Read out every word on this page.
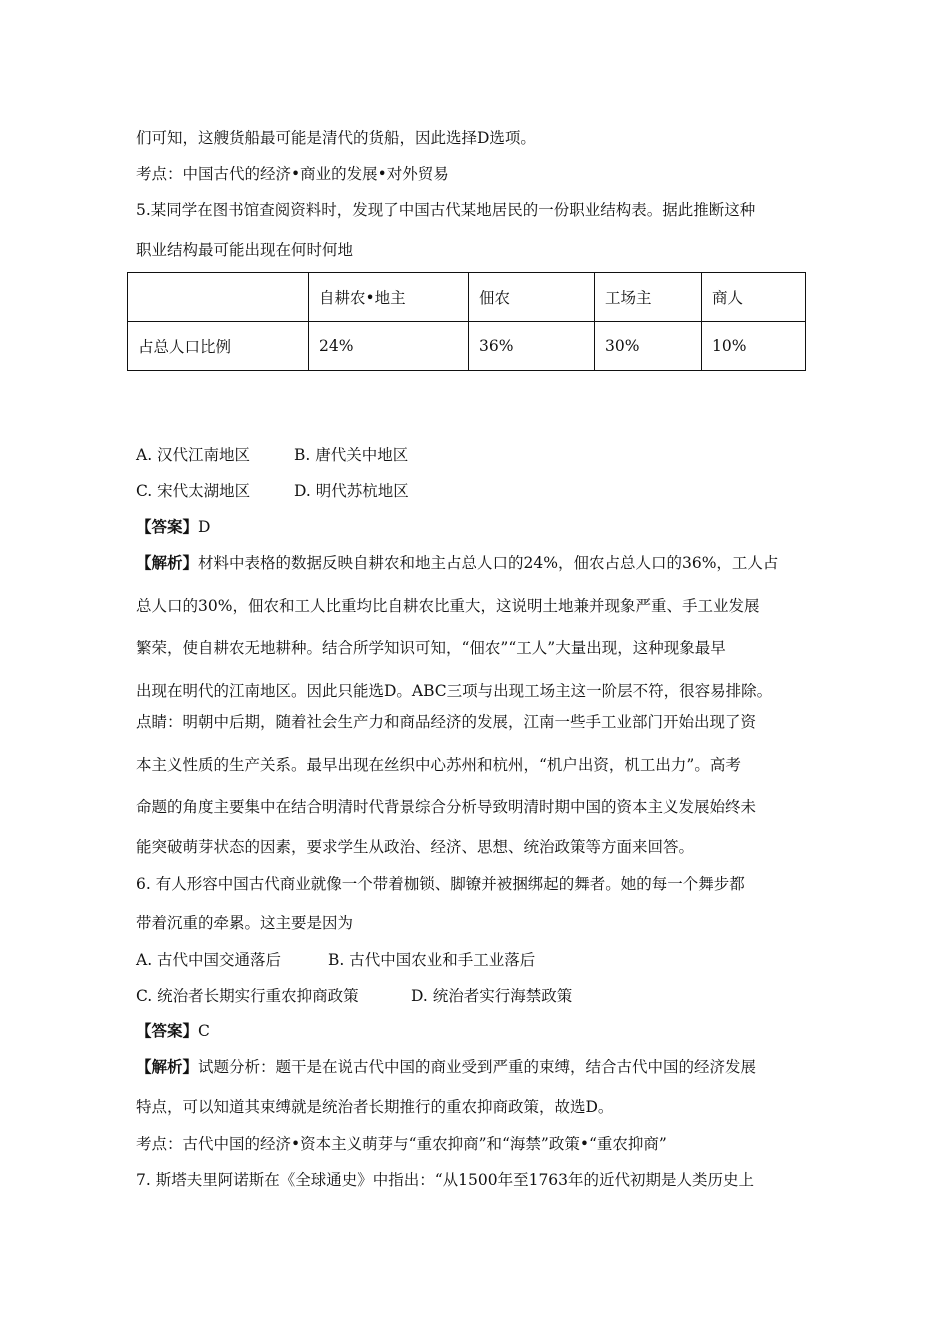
们可知，这艘货船最可能是清代的货船，因此选择D选项。
考点：中国古代的经济•商业的发展•对外贸易
5.某同学在图书馆查阅资料时，发现了中国古代某地居民的一份职业结构表。据此推断这种
职业结构最可能出现在何时何地
	自耕农•地主	佃农	工场主	商人
占总人口比例	24%	36%	30%	10%
A. 汉代江南地区	B. 唐代关中地区
C. 宋代太湖地区	D. 明代苏杭地区
【答案】D
【解析】材料中表格的数据反映自耕农和地主占总人口的24%，佃农占总人口的36%，工人占
总人口的30%，佃农和工人比重均比自耕农比重大，这说明土地兼并现象严重、手工业发展
繁荣，使自耕农无地耕种。结合所学知识可知，“佃农”“工人”大量出现，这种现象最早
出现在明代的江南地区。因此只能选D。ABC三项与出现工场主这一阶层不符，很容易排除。
点睛：明朝中后期，随着社会生产力和商品经济的发展，江南一些手工业部门开始出现了资
本主义性质的生产关系。最早出现在丝织中心苏州和杭州，“机户出资，机工出力”。高考
命题的角度主要集中在结合明清时代背景综合分析导致明清时期中国的资本主义发展始终未
能突破萌芽状态的因素，要求学生从政治、经济、思想、统治政策等方面来回答。
6. 有人形容中国古代商业就像一个带着枷锁、脚镣并被捆绑起的舞者。她的每一个舞步都
带着沉重的牵累。这主要是因为
A. 古代中国交通落后	B. 古代中国农业和手工业落后
C. 统治者长期实行重农抑商政策	D. 统治者实行海禁政策
【答案】C
【解析】试题分析：题干是在说古代中国的商业受到严重的束缚，结合古代中国的经济发展
特点，可以知道其束缚就是统治者长期推行的重农抑商政策，故选D。
考点：古代中国的经济•资本主义萌芽与“重农抑商”和“海禁”政策•“重农抑商”
7. 斯塔夫里阿诺斯在《全球通史》中指出：“从1500年至1763年的近代初期是人类历史上
